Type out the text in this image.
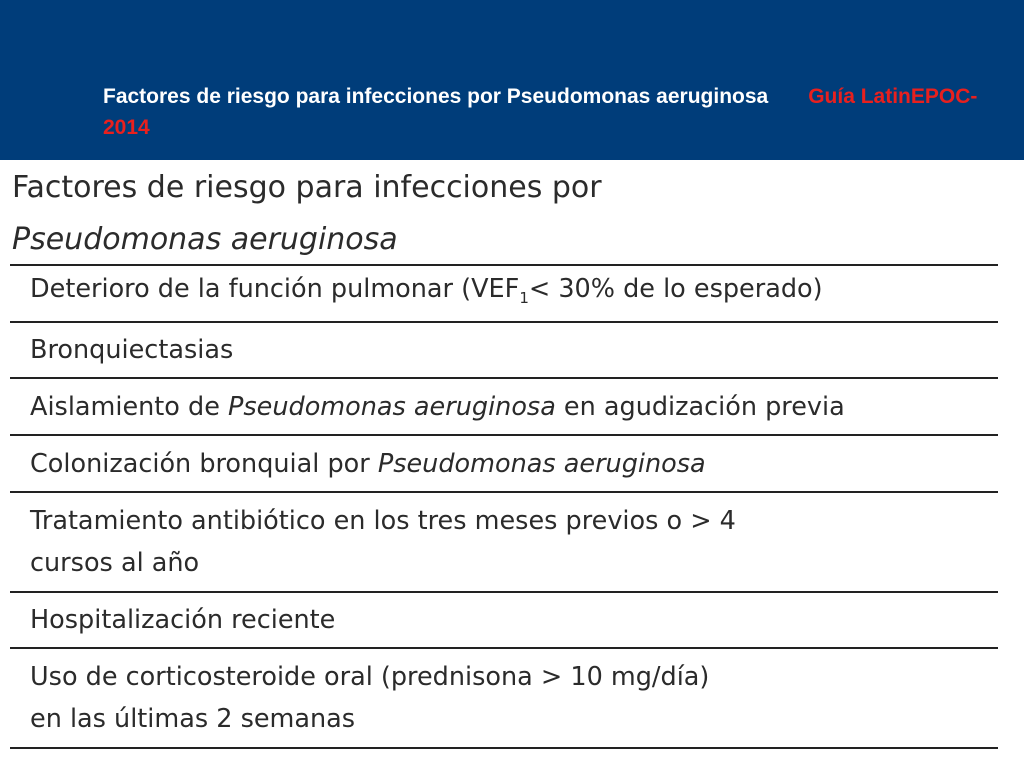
Factores de riesgo para infecciones por Pseudomonas aeruginosa Guía LatinEPOC-2014
Factores de riesgo para infecciones por
Pseudomonas aeruginosa
Deterioro de la función pulmonar ($VEF_1< 30\%$ de lo esperado)
Bronquiectasias
Aislamiento de Pseudomonas aeruginosa en agudización previa
Colonización bronquial por Pseudomonas aeruginosa
Tratamiento antibiótico en los tres meses previos o > 4
cursos al año
Hospitalización reciente
Uso de corticosteroide oral (prednisona > 10 mg/día)
en las últimas 2 semanas
